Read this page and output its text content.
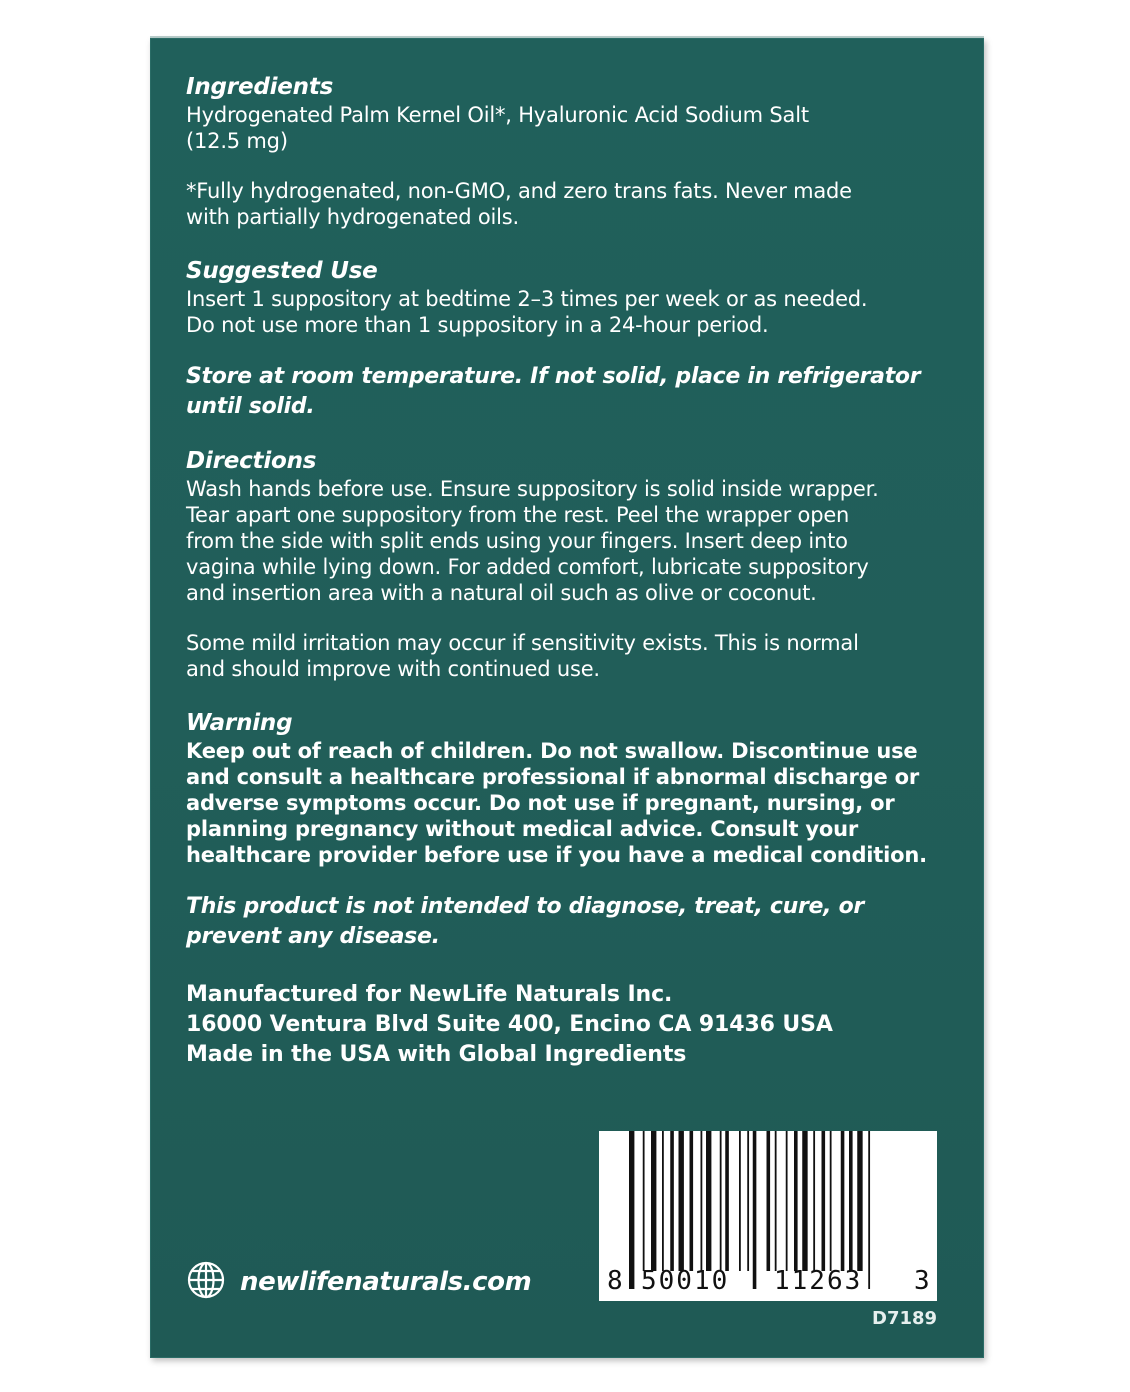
Ingredients

Hydrogenated Palm Kernel Oil*, Hyaluronic Acid Sodium Salt

(12.5 mg)

*Fully hydrogenated, non-GMO, and zero trans fats. Never made

with partially hydrogenated oils.

Suggested Use

Insert 1 suppository at bedtime 2–3 times per week or as needed.

Do not use more than 1 suppository in a 24-hour period.

Store at room temperature. If not solid, place in refrigerator

until solid.

Directions

Wash hands before use. Ensure suppository is solid inside wrapper.

Tear apart one suppository from the rest. Peel the wrapper open

from the side with split ends using your fingers. Insert deep into

vagina while lying down. For added comfort, lubricate suppository

and insertion area with a natural oil such as olive or coconut.

Some mild irritation may occur if sensitivity exists. This is normal

and should improve with continued use.

Warning

Keep out of reach of children. Do not swallow. Discontinue use

and consult a healthcare professional if abnormal discharge or

adverse symptoms occur. Do not use if pregnant, nursing, or

planning pregnancy without medical advice. Consult your

healthcare provider before use if you have a medical condition.

This product is not intended to diagnose, treat, cure, or

prevent any disease.

Manufactured for NewLife Naturals Inc.

16000 Ventura Blvd Suite 400, Encino CA 91436 USA

Made in the USA with Global Ingredients

newlifenaturals.com	8 50010 11263 3
D7189
